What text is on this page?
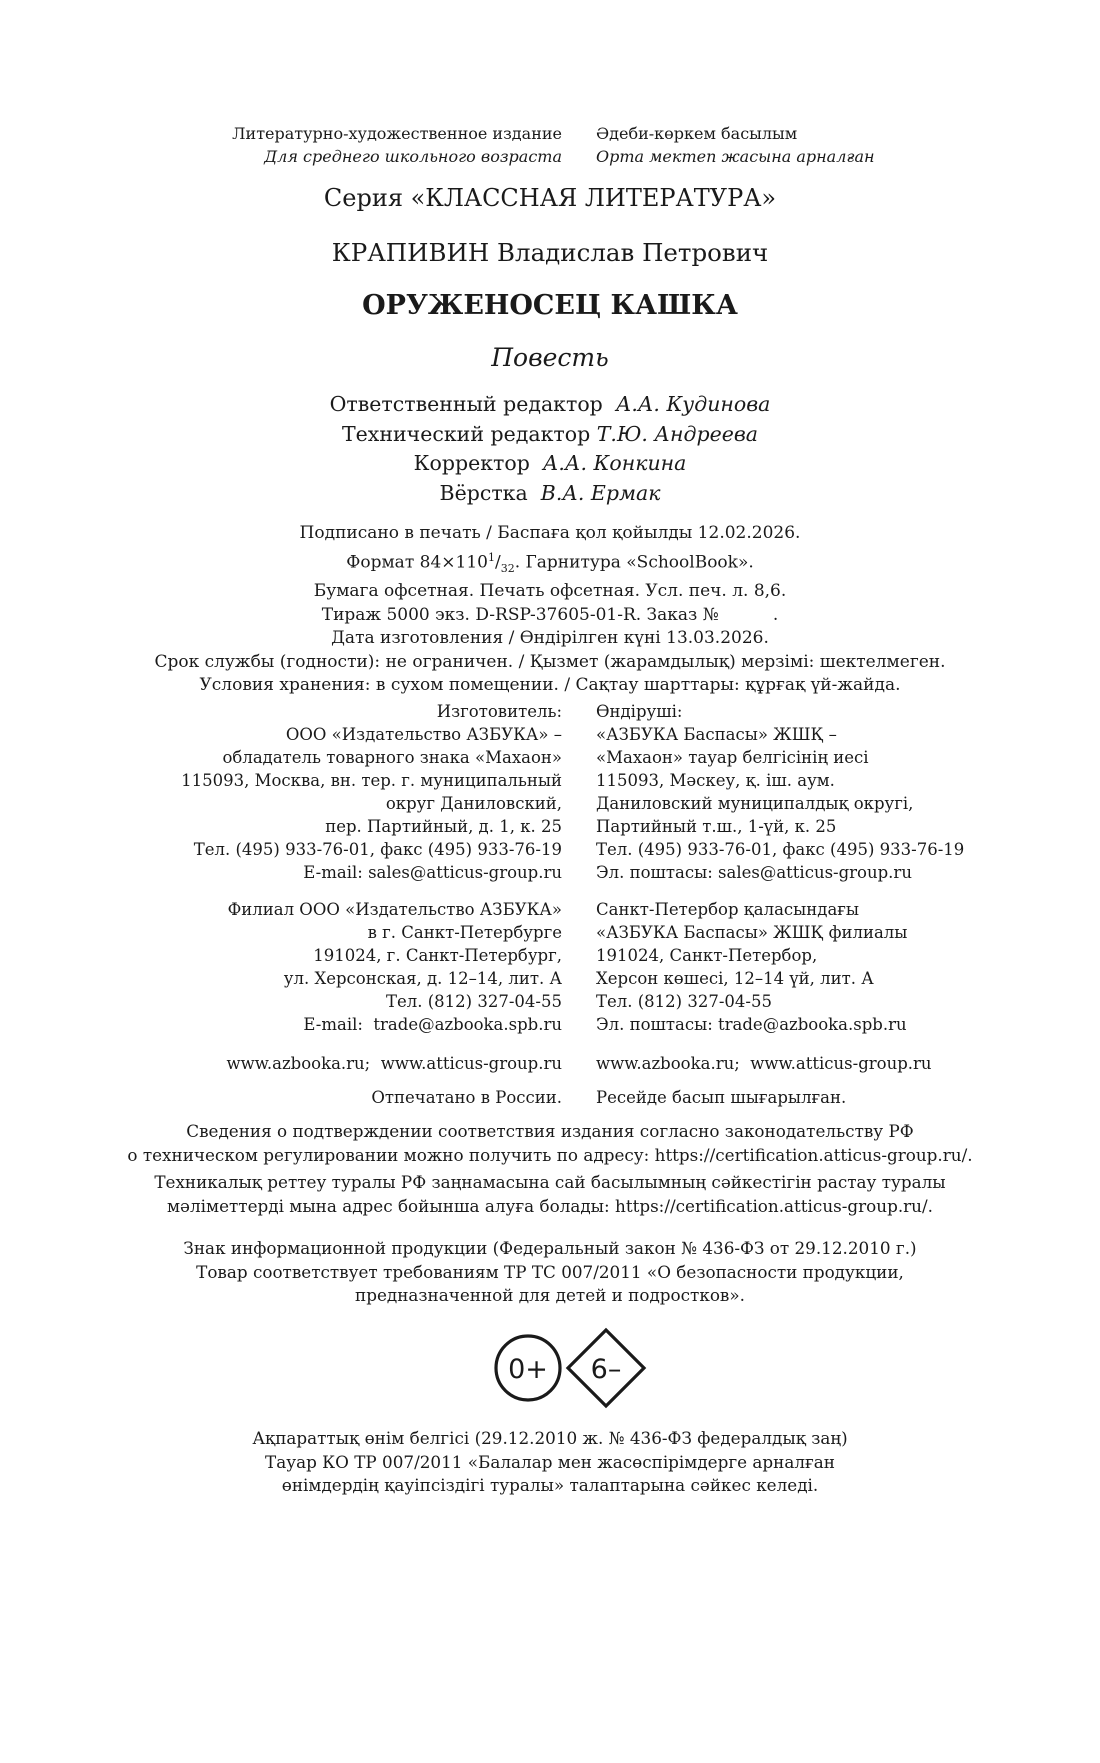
Литературно-художественное издание
Для среднего школьного возраста
Әдеби-көркем басылым
Орта мектеп жасына арналған
Серия «КЛАССНАЯ ЛИТЕРАТУРА»
КРАПИВИН Владислав Петрович
ОРУЖЕНОСЕЦ КАШКА
Повесть
Ответственный редактор А.А. Кудинова
Технический редактор Т.Ю. Андреева
Корректор А.А. Конкина
Вёрстка В.А. Ермак
Подписано в печать / Баспаға қол қойылды 12.02.2026.
Формат $84\times 110^1/_{32}$. Гарнитура «SchoolBook».
Бумага офсетная. Печать офсетная. Усл. печ. л. 8,6.
Тираж 5000 экз. D-RSP-37605-01-R. Заказ №          .
Дата изготовления / Өндірілген күні 13.03.2026.
Срок службы (годности): не ограничен. / Қызмет (жарамдылық) мерзімі: шектелмеген.
Условия хранения: в сухом помещении. / Сақтау шарттары: құрғақ үй-жайда.
Изготовитель:
ООО «Издательство АЗБУКА» –
обладатель товарного знака «Махаон»
115093, Москва, вн. тер. г. муниципальный
округ Даниловский,
пер. Партийный, д. 1, к. 25
Тел. (495) 933-76-01, факс (495) 933-76-19
E-mail: sales@atticus-group.ru
Өндіруші:
«АЗБУКА Баспасы» ЖШҚ –
«Махаон» тауар белгісінің иесі
115093, Мәскеу, қ. іш. аум.
Даниловский муниципалдық округі,
Партийный т.ш., 1-үй, к. 25
Тел. (495) 933-76-01, факс (495) 933-76-19
Эл. поштасы: sales@atticus-group.ru
Филиал ООО «Издательство АЗБУКА»
в г. Санкт-Петербурге
191024, г. Санкт-Петербург,
ул. Херсонская, д. 12–14, лит. А
Тел. (812) 327-04-55
E-mail:  trade@azbooka.spb.ru
Санкт-Петербор қаласындағы
«АЗБУКА Баспасы» ЖШҚ филиалы
191024, Санкт-Петербор,
Херсон көшесі, 12–14 үй, лит. А
Тел. (812) 327-04-55
Эл. поштасы: trade@azbooka.spb.ru
www.azbooka.ru;  www.atticus-group.ru www.azbooka.ru;  www.atticus-group.ru
Отпечатано в России. Ресейде басып шығарылған.
Сведения о подтверждении соответствия издания согласно законодательству РФ
о техническом регулировании можно получить по адресу: https://certification.atticus-group.ru/.
Техникалық реттеу туралы РФ заңнамасына сай басылымның сәйкестігін растау туралы
мәліметтерді мына адрес бойынша алуға болады: https://certification.atticus-group.ru/.
Знак информационной продукции (Федеральный закон № 436-ФЗ от 29.12.2010 г.)
Товар соответствует требованиям ТР ТС 007/2011 «О безопасности продукции,
предназначенной для детей и подростков».
0+ 6–
Ақпараттық өнім белгісі (29.12.2010 ж. № 436-ФЗ федералдық заң)
Тауар КО ТР 007/2011 «Балалар мен жасөспірімдерге арналған
өнімдердің қауіпсіздігі туралы» талаптарына сәйкес келеді.
